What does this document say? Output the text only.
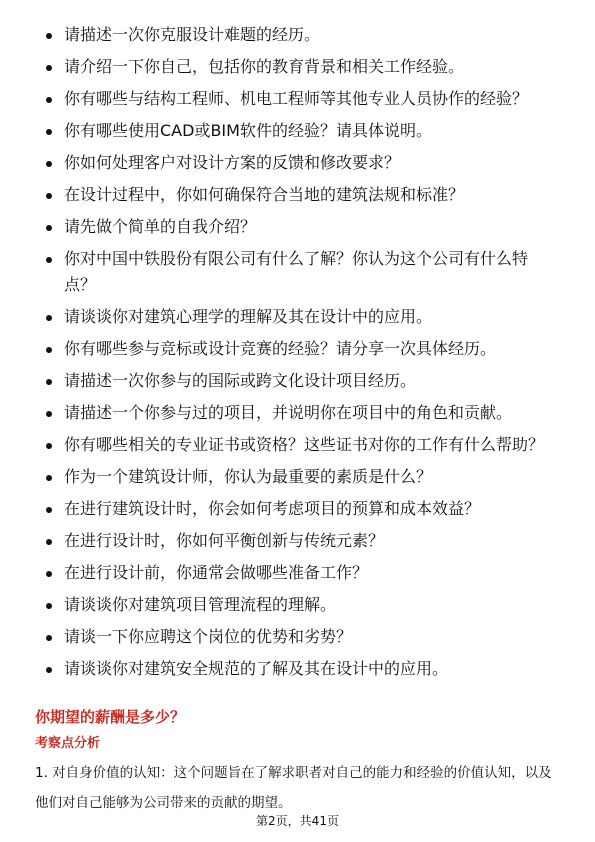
请描述一次你克服设计难题的经历。
请介绍一下你自己，包括你的教育背景和相关工作经验。
你有哪些与结构工程师、机电工程师等其他专业人员协作的经验？
你有哪些使用CAD或BIM软件的经验？请具体说明。
你如何处理客户对设计方案的反馈和修改要求？
在设计过程中，你如何确保符合当地的建筑法规和标准？
请先做个简单的自我介绍？
你对中国中铁股份有限公司有什么了解？你认为这个公司有什么特点？
请谈谈你对建筑心理学的理解及其在设计中的应用。
你有哪些参与竞标或设计竞赛的经验？请分享一次具体经历。
请描述一次你参与的国际或跨文化设计项目经历。
请描述一个你参与过的项目，并说明你在项目中的角色和贡献。
你有哪些相关的专业证书或资格？这些证书对你的工作有什么帮助？
作为一个建筑设计师，你认为最重要的素质是什么？
在进行建筑设计时，你会如何考虑项目的预算和成本效益？
在进行设计时，你如何平衡创新与传统元素？
在进行设计前，你通常会做哪些准备工作？
请谈谈你对建筑项目管理流程的理解。
请谈一下你应聘这个岗位的优势和劣势？
请谈谈你对建筑安全规范的了解及其在设计中的应用。
你期望的薪酬是多少？
考察点分析

1. 对自身价值的认知：这个问题旨在了解求职者对自己的能力和经验的价值认知，以及他们对自己能够为公司带来的贡献的期望。

第2页，共41页
